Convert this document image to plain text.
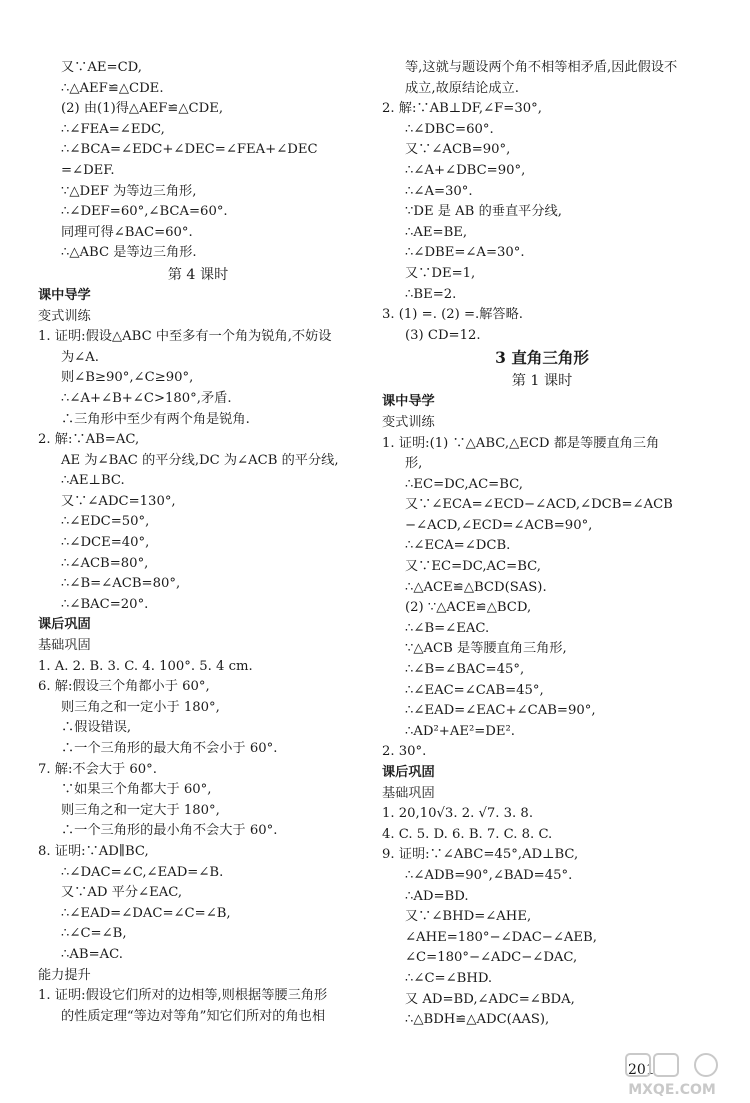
又∵AE=CD,
∴△AEF≌△CDE.
(2) 由(1)得△AEF≌△CDE,
∴∠FEA=∠EDC,
∴∠BCA=∠EDC+∠DEC=∠FEA+∠DEC
=∠DEF.
∵△DEF 为等边三角形,
∴∠DEF=60°,∠BCA=60°.
同理可得∠BAC=60°.
∴△ABC 是等边三角形.
第 4 课时
课中导学
变式训练
1. 证明:假设△ABC 中至多有一个角为锐角,不妨设
为∠A.
则∠B≥90°,∠C≥90°,
∴∠A+∠B+∠C>180°,矛盾.
∴三角形中至少有两个角是锐角.
2. 解:∵AB=AC,
AE 为∠BAC 的平分线,DC 为∠ACB 的平分线,
∴AE⊥BC.
又∵∠ADC=130°,
∴∠EDC=50°,
∴∠DCE=40°,
∴∠ACB=80°,
∴∠B=∠ACB=80°,
∴∠BAC=20°.
课后巩固
基础巩固
1. A. 2. B. 3. C. 4. 100°. 5. 4 cm.
6. 解:假设三个角都小于 60°,
则三角之和一定小于 180°,
∴假设错误,
∴一个三角形的最大角不会小于 60°.
7. 解:不会大于 60°.
∵如果三个角都大于 60°,
则三角之和一定大于 180°,
∴一个三角形的最小角不会大于 60°.
8. 证明:∵AD∥BC,
∴∠DAC=∠C,∠EAD=∠B.
又∵AD 平分∠EAC,
∴∠EAD=∠DAC=∠C=∠B,
∴∠C=∠B,
∴AB=AC.
能力提升
1. 证明:假设它们所对的边相等,则根据等腰三角形
的性质定理“等边对等角”知它们所对的角也相
等,这就与题设两个角不相等相矛盾,因此假设不
成立,故原结论成立.
2. 解:∵AB⊥DF,∠F=30°,
∴∠DBC=60°.
又∵∠ACB=90°,
∴∠A+∠DBC=90°,
∴∠A=30°.
∵DE 是 AB 的垂直平分线,
∴AE=BE,
∴∠DBE=∠A=30°.
又∵DE=1,
∴BE=2.
3. (1) =. (2) =.解答略.
(3) CD=12.
3 直角三角形
第 1 课时
课中导学
变式训练
1. 证明:(1) ∵△ABC,△ECD 都是等腰直角三角
形,
∴EC=DC,AC=BC,
又∵∠ECA=∠ECD−∠ACD,∠DCB=∠ACB
−∠ACD,∠ECD=∠ACB=90°,
∴∠ECA=∠DCB.
又∵EC=DC,AC=BC,
∴△ACE≌△BCD(SAS).
(2) ∵△ACE≌△BCD,
∴∠B=∠EAC.
∵△ACB 是等腰直角三角形,
∴∠B=∠BAC=45°,
∴∠EAC=∠CAB=45°,
∴∠EAD=∠EAC+∠CAB=90°,
∴AD²+AE²=DE².
2. 30°.
课后巩固
基础巩固
1. 20,10√3. 2. √7. 3. 8.
4. C. 5. D. 6. B. 7. C. 8. C.
9. 证明:∵∠ABC=45°,AD⊥BC,
∴∠ADB=90°,∠BAD=45°.
∴AD=BD.
又∵∠BHD=∠AHE,
∠AHE=180°−∠DAC−∠AEB,
∠C=180°−∠ADC−∠DAC,
∴∠C=∠BHD.
又 AD=BD,∠ADC=∠BDA,
∴△BDH≌△ADC(AAS),
201
MXQE.COM
